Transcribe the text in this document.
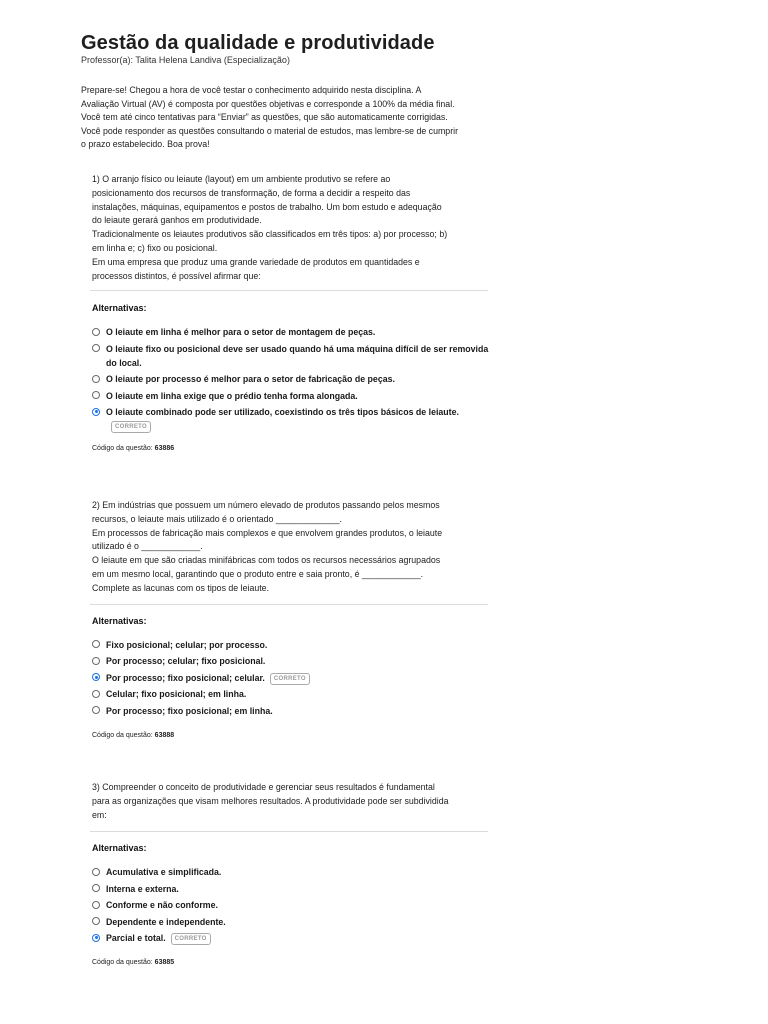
Gestão da qualidade e produtividade
Professor(a): Talita Helena Landiva (Especialização)

Prepare-se! Chegou a hora de você testar o conhecimento adquirido nesta disciplina. A

Avaliação Virtual (AV) é composta por questões objetivas e corresponde a 100% da média final.

Você tem até cinco tentativas para “Enviar” as questões, que são automaticamente corrigidas.

Você pode responder as questões consultando o material de estudos, mas lembre-se de cumprir

o prazo estabelecido. Boa prova!

1) O arranjo físico ou leiaute (layout) em um ambiente produtivo se refere ao

posicionamento dos recursos de transformação, de forma a decidir a respeito das

instalações, máquinas, equipamentos e postos de trabalho. Um bom estudo e adequação

do leiaute gerará ganhos em produtividade.

Tradicionalmente os leiautes produtivos são classificados em três tipos: a) por processo; b)

em linha e; c) fixo ou posicional.

Em uma empresa que produz uma grande variedade de produtos em quantidades e

processos distintos, é possível afirmar que:

Alternativas:
O leiaute em linha é melhor para o setor de montagem de peças.
O leiaute fixo ou posicional deve ser usado quando há uma máquina difícil de ser removida do local.
O leiaute por processo é melhor para o setor de fabricação de peças.
O leiaute em linha exige que o prédio tenha forma alongada.
O leiaute combinado pode ser utilizado, coexistindo os três tipos básicos de leiaute.CORRETO
Código da questão: 63886

2) Em indústrias que possuem um número elevado de produtos passando pelos mesmos

recursos, o leiaute mais utilizado é o orientado _____________.

Em processos de fabricação mais complexos e que envolvem grandes produtos, o leiaute

utilizado é o ____________.

O leiaute em que são criadas minifábricas com todos os recursos necessários agrupados

em um mesmo local, garantindo que o produto entre e saia pronto, é ____________.

Complete as lacunas com os tipos de leiaute.

Alternativas:
Fixo posicional; celular; por processo.
Por processo; celular; fixo posicional.
Por processo; fixo posicional; celular. CORRETO
Celular; fixo posicional; em linha.
Por processo; fixo posicional; em linha.
Código da questão: 63888

3) Compreender o conceito de produtividade e gerenciar seus resultados é fundamental

para as organizações que visam melhores resultados. A produtividade pode ser subdividida

em:

Alternativas:
Acumulativa e simplificada.
Interna e externa.
Conforme e não conforme.
Dependente e independente.
Parcial e total. CORRETO
Código da questão: 63885
